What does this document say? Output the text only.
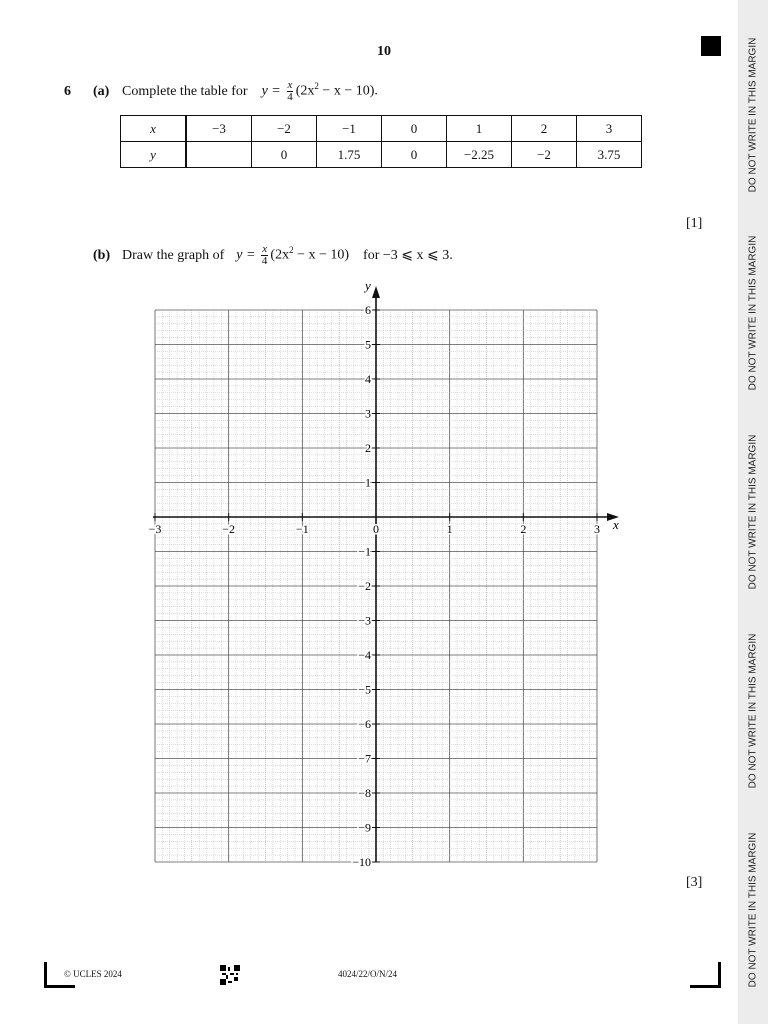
DO NOT WRITE IN THIS MARGIN
DO NOT WRITE IN THIS MARGIN
DO NOT WRITE IN THIS MARGIN
DO NOT WRITE IN THIS MARGIN
DO NOT WRITE IN THIS MARGIN
10
6	(a) Complete the table for $y = \frac{x}{4} (2x^2 - x - 10)$.
x	−3	−2	−1	0	1	2	3
y		0	1.75	0	−2.25	−2	3.75
[1]
(b) Draw the graph of $y = \frac{x}{4} (2x^2 - x - 10)$ for −3 ⩽ x ⩽ 3.
x
y
−3	−2	−1	0	1	2	3
6
5
4
3
2
1
−1
−2
−3
−4
−5
−6
−7
−8
−9
−10
[3]
© UCLES 2024	4024/22/O/N/24
